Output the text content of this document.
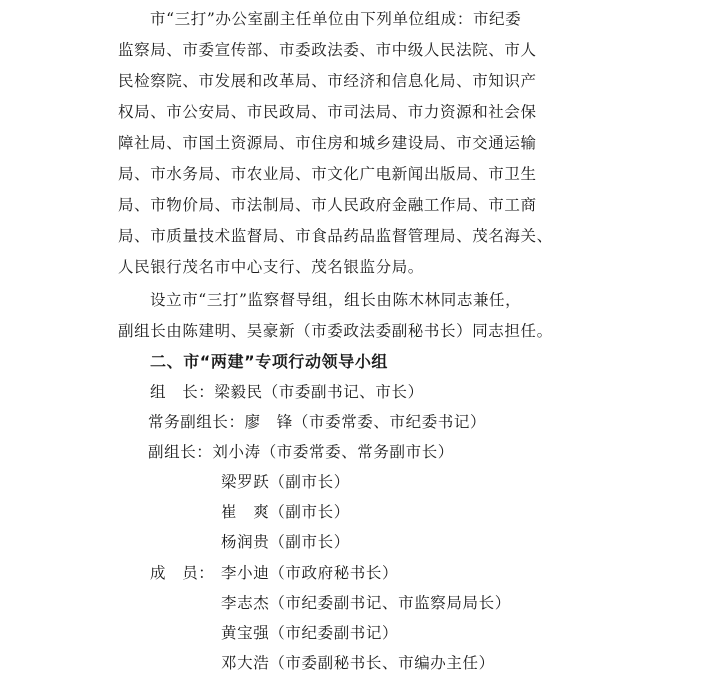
市“三打”办公室副主任单位由下列单位组成：市纪委
监察局、市委宣传部、市委政法委、市中级人民法院、市人
民检察院、市发展和改革局、市经济和信息化局、市知识产
权局、市公安局、市民政局、市司法局、市力资源和社会保
障社局、市国土资源局、市住房和城乡建设局、市交通运输
局、市水务局、市农业局、市文化广电新闻出版局、市卫生
局、市物价局、市法制局、市人民政府金融工作局、市工商
局、市质量技术监督局、市食品药品监督管理局、茂名海关、
人民银行茂名市中心支行、茂名银监分局。
设立市“三打”监察督导组，组长由陈木林同志兼任，
副组长由陈建明、吴豪新（市委政法委副秘书长）同志担任。
二、市“两建”专项行动领导小组
组　长：梁毅民（市委副书记、市长）
常务副组长：廖　锋（市委常委、市纪委书记）
副组长：刘小涛（市委常委、常务副市长）
梁罗跃（副市长）
崔　爽（副市长）
杨润贵（副市长）
成　员： 李小迪（市政府秘书长）
李志杰（市纪委副书记、市监察局局长）
黄宝强（市纪委副书记）
邓大浩（市委副秘书长、市编办主任）
